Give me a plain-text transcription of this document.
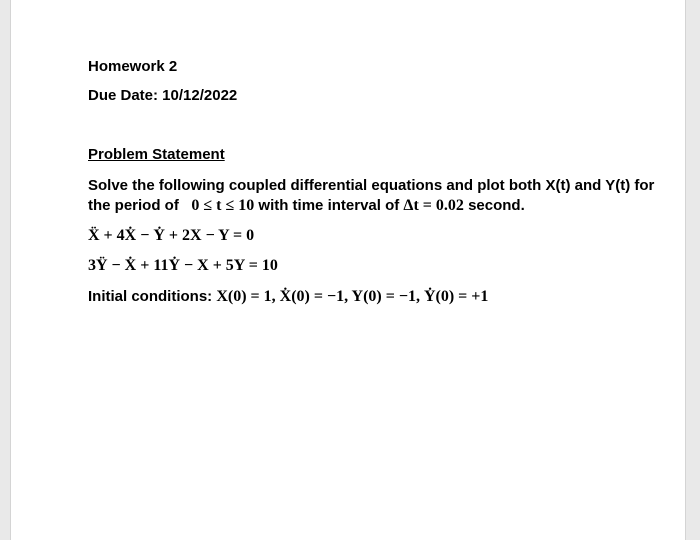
Homework 2
Due Date: 10/12/2022
Problem Statement
Solve the following coupled differential equations and plot both X(t) and Y(t) for
the period of   0 ≤ t ≤ 10 with time interval of Δt = 0.02 second.
Ẍ + 4Ẋ − Ẏ + 2X − Y = 0
3Ÿ − Ẋ + 11Ẏ − X + 5Y = 10
Initial conditions: X(0) = 1, Ẋ(0) = −1, Y(0) = −1, Ẏ(0) = +1
